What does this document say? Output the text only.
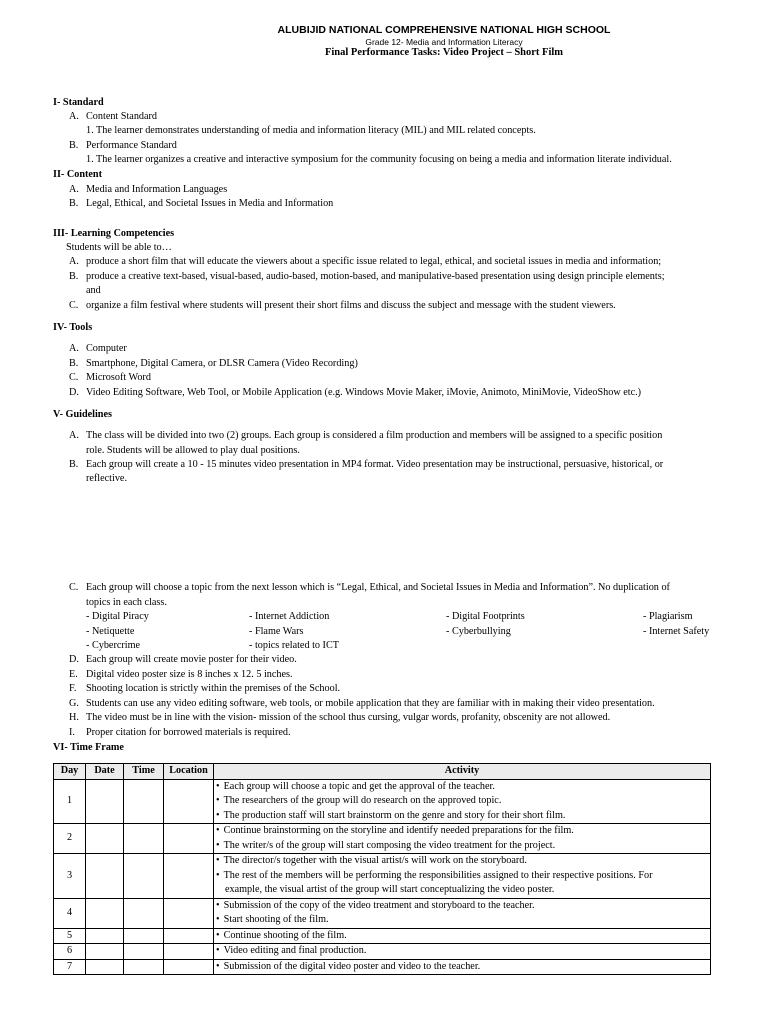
ALUBIJID NATIONAL COMPREHENSIVE NATIONAL HIGH SCHOOL
Grade 12- Media and Information Literacy
Final Performance Tasks: Video Project – Short Film
I- Standard
A. Content Standard
1. The learner demonstrates understanding of media and information literacy (MIL) and MIL related concepts.
B. Performance Standard
1. The learner organizes a creative and interactive symposium for the community focusing on being a media and information literate individual.
II- Content
A. Media and Information Languages
B. Legal, Ethical, and Societal Issues in Media and Information
III- Learning Competencies
Students will be able to…
A. produce a short film that will educate the viewers about a specific issue related to legal, ethical, and societal issues in media and information;
B. produce a creative text-based, visual-based, audio-based, motion-based, and manipulative-based presentation using design principle elements;
and
C. organize a film festival where students will present their short films and discuss the subject and message with the student viewers.
IV- Tools
A. Computer
B. Smartphone, Digital Camera, or DLSR Camera (Video Recording)
C. Microsoft Word
D. Video Editing Software, Web Tool, or Mobile Application (e.g. Windows Movie Maker, iMovie, Animoto, MiniMovie, VideoShow etc.)
V- Guidelines
A. The class will be divided into two (2) groups. Each group is considered a film production and members will be assigned to a specific position
role. Students will be allowed to play dual positions.
B. Each group will create a 10 - 15 minutes video presentation in MP4 format. Video presentation may be instructional, persuasive, historical, or
reflective.
C. Each group will choose a topic from the next lesson which is “Legal, Ethical, and Societal Issues in Media and Information”. No duplication of
topics in each class.
- Digital Piracy	- Internet Addiction	- Digital Footprints	- Plagiarism
- Netiquette	- Flame Wars	- Cyberbullying	- Internet Safety
- Cybercrime	- topics related to ICT
D. Each group will create movie poster for their video.
E. Digital video poster size is 8 inches x 12. 5 inches.
F. Shooting location is strictly within the premises of the School.
G. Students can use any video editing software, web tools, or mobile application that they are familiar with in making their video presentation.
H. The video must be in line with the vision- mission of the school thus cursing, vulgar words, profanity, obscenity are not allowed.
I. Proper citation for borrowed materials is required.
VI- Time Frame
Day	Date	Time	Location	Activity
1				• Each group will choose a topic and get the approval of the teacher.
• The researchers of the group will do research on the approved topic.
• The production staff will start brainstorm on the genre and story for their short film.

2				• Continue brainstorming on the storyline and identify needed preparations for the film.
• The writer/s of the group will start composing the video treatment for the project.

3				• The director/s together with the visual artist/s will work on the storyboard.
• The rest of the members will be performing the responsibilities assigned to their respective positions. For
example, the visual artist of the group will start conceptualizing the video poster.

4				• Submission of the copy of the video treatment and storyboard to the teacher.
• Start shooting of the film.

5				• Continue shooting of the film.

6				• Video editing and final production.

7				• Submission of the digital video poster and video to the teacher.
